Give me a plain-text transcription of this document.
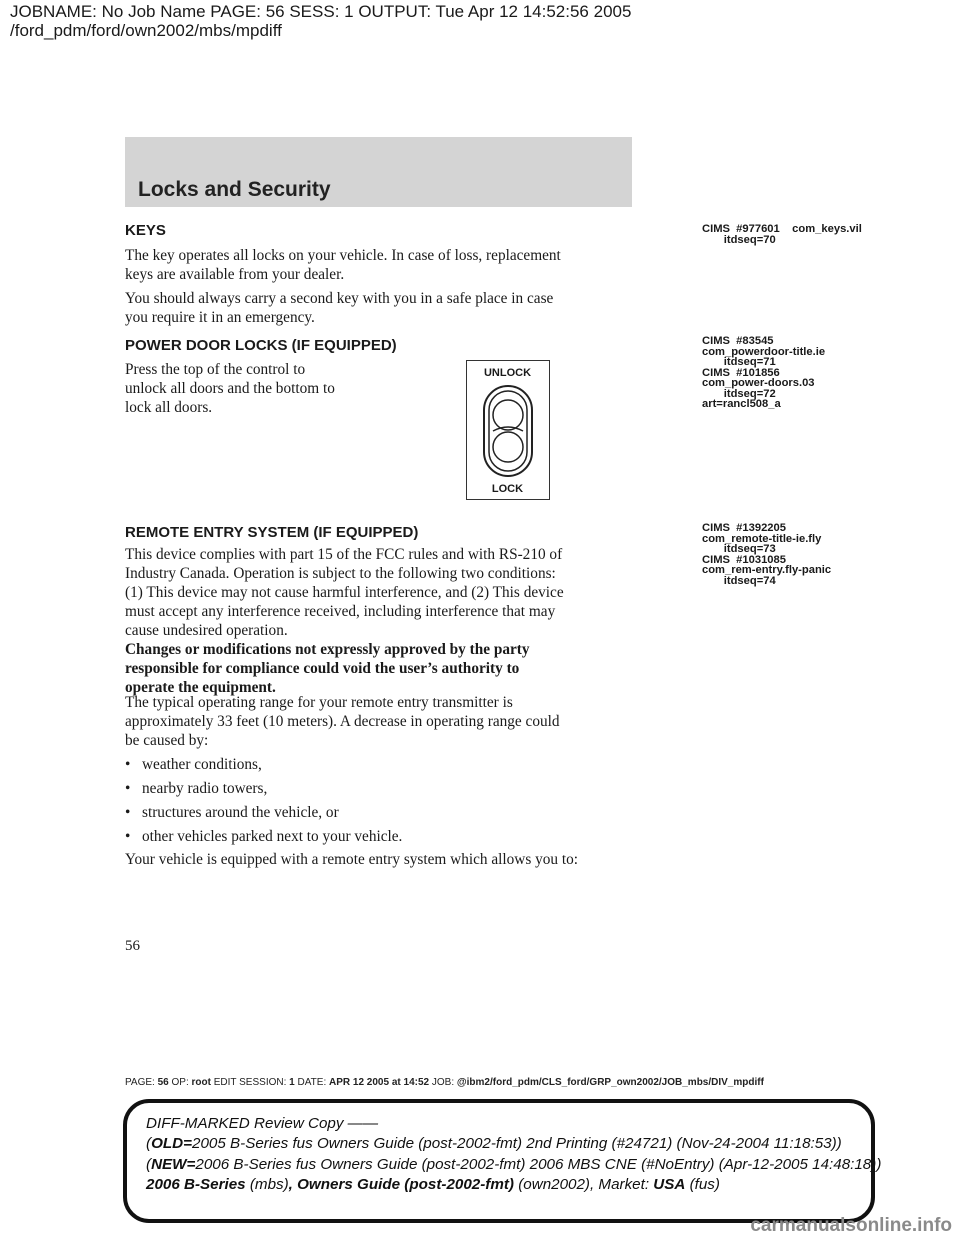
JOBNAME: No Job Name PAGE: 56 SESS: 1 OUTPUT: Tue Apr 12 14:52:56 2005
/ford_pdm/ford/own2002/mbs/mpdiff
Locks and Security
KEYS

The key operates all locks on your vehicle. In case of loss, replacement

keys are available from your dealer.

You should always carry a second key with you in a safe place in case

you require it in an emergency.

CIMS  #977601    com_keys.vil
itdseq=70
POWER DOOR LOCKS (IF EQUIPPED)

Press the top of the control to

unlock all doors and the bottom to

lock all doors.

UNLOCK
LOCK
CIMS  #83545
com_powerdoor-title.ie
itdseq=71
CIMS  #101856
com_power-doors.03
itdseq=72
art=rancl508_a
REMOTE ENTRY SYSTEM (IF EQUIPPED)

This device complies with part 15 of the FCC rules and with RS-210 of

Industry Canada. Operation is subject to the following two conditions:

(1) This device may not cause harmful interference, and (2) This device

must accept any interference received, including interference that may

cause undesired operation.

Changes or modifications not expressly approved by the party

responsible for compliance could void the user’s authority to

operate the equipment.

The typical operating range for your remote entry transmitter is

approximately 33 feet (10 meters). A decrease in operating range could

be caused by:

• weather conditions,
• nearby radio towers,
• structures around the vehicle, or
• other vehicles parked next to your vehicle.
Your vehicle is equipped with a remote entry system which allows you to:
CIMS  #1392205
com_remote-title-ie.fly
itdseq=73
CIMS  #1031085
com_rem-entry.fly-panic
itdseq=74
56
PAGE: 56 OP: root EDIT SESSION: 1 DATE: APR 12 2005 at 14:52 JOB: @ibm2/ford_pdm/CLS_ford/GRP_own2002/JOB_mbs/DIV_mpdiff
DIFF-MARKED Review Copy ——
(OLD=2005 B-Series fus Owners Guide (post-2002-fmt) 2nd Printing (#24721) (Nov-24-2004 11:18:53))
(NEW=2006 B-Series fus Owners Guide (post-2002-fmt) 2006 MBS CNE (#NoEntry) (Apr-12-2005 14:48:18))
2006 B-Series (mbs), Owners Guide (post-2002-fmt) (own2002), Market: USA (fus)
carmanualsonline.info
